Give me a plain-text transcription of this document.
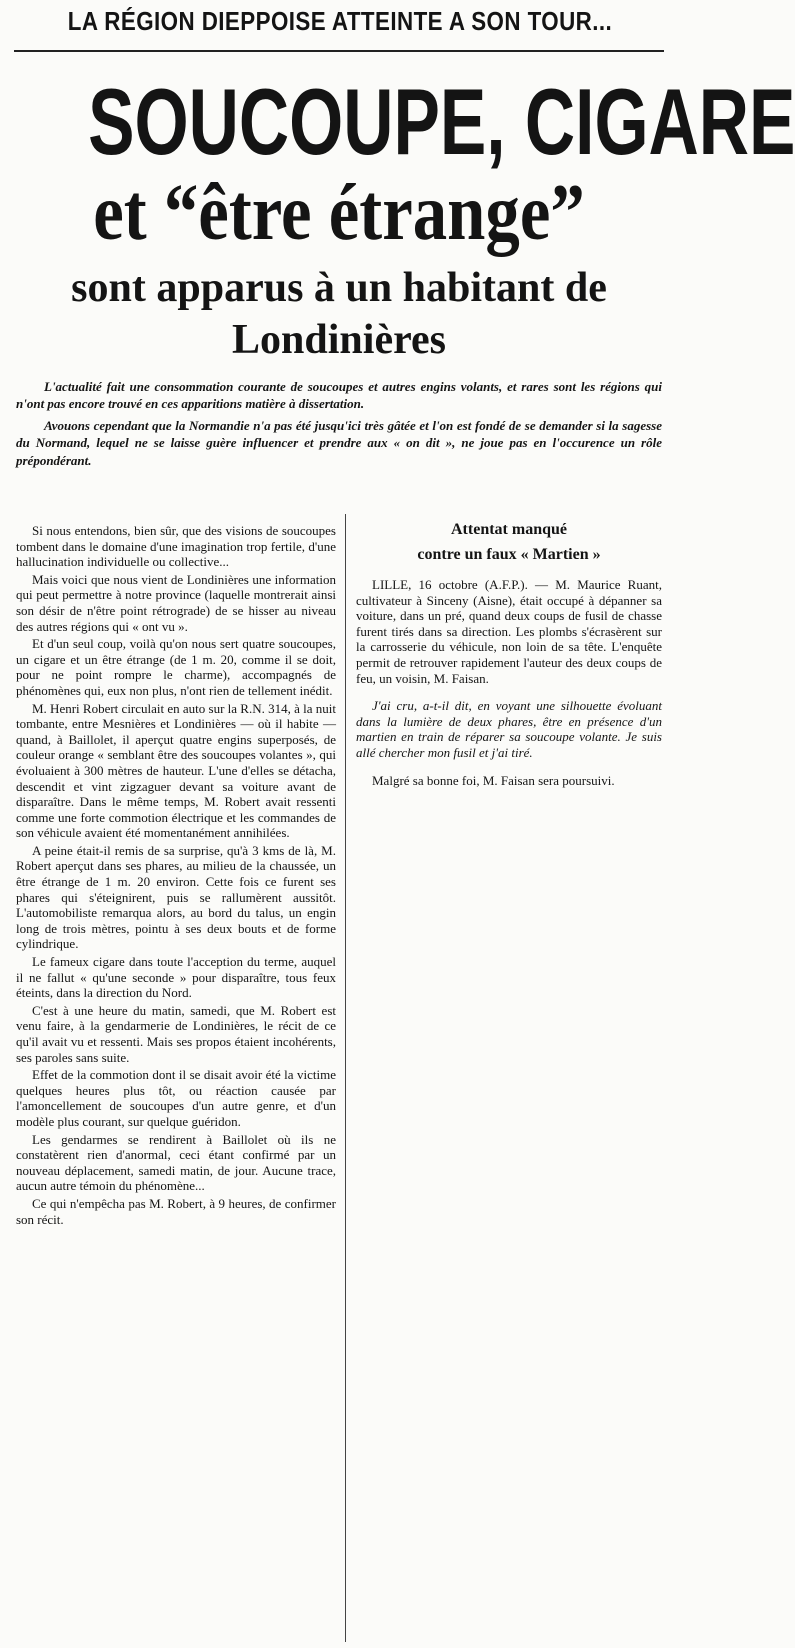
LA RÉGION DIEPPOISE ATTEINTE A SON TOUR...
SOUCOUPE, CIGARE
et “être étrange”
sont apparus à un habitant de Londinières

L'actualité fait une consommation courante de soucoupes et autres engins volants, et rares sont les régions qui n'ont pas encore trouvé en ces apparitions matière à dissertation.

Avouons cependant que la Normandie n'a pas été jusqu'ici très gâtée et l'on est fondé de se demander si la sagesse du Normand, lequel ne se laisse guère influencer et prendre aux « on dit », ne joue pas en l'occurence un rôle prépondérant.

Si nous entendons, bien sûr, que des visions de soucoupes tombent dans le domaine d'une imagination trop fertile, d'une hallucination individuelle ou collective...

Mais voici que nous vient de Londinières une information qui peut permettre à notre province (laquelle montrerait ainsi son désir de n'être point rétrograde) de se hisser au niveau des autres régions qui « ont vu ».

Et d'un seul coup, voilà qu'on nous sert quatre soucoupes, un cigare et un être étrange (de 1 m. 20, comme il se doit, pour ne point rompre le charme), accompagnés de phénomènes qui, eux non plus, n'ont rien de tellement inédit.

M. Henri Robert circulait en auto sur la R.N. 314, à la nuit tombante, entre Mesnières et Londinières — où il habite — quand, à Baillolet, il aperçut quatre engins superposés, de couleur orange « semblant être des soucoupes volantes », qui évoluaient à 300 mètres de hauteur. L'une d'elles se détacha, descendit et vint zigzaguer devant sa voiture avant de disparaître. Dans le même temps, M. Robert avait ressenti comme une forte commotion électrique et les commandes de son véhicule avaient été momentanément annihilées.

A peine était-il remis de sa surprise, qu'à 3 kms de là, M. Robert aperçut dans ses phares, au milieu de la chaussée, un être étrange de 1 m. 20 environ. Cette fois ce furent ses phares qui s'éteignirent, puis se rallumèrent aussitôt. L'automobiliste remarqua alors, au bord du talus, un engin long de trois mètres, pointu à ses deux bouts et de forme cylindrique.

Le fameux cigare dans toute l'acception du terme, auquel il ne fallut « qu'une seconde » pour disparaître, tous feux éteints, dans la direction du Nord.

C'est à une heure du matin, samedi, que M. Robert est venu faire, à la gendarmerie de Londinières, le récit de ce qu'il avait vu et ressenti. Mais ses propos étaient incohérents, ses paroles sans suite.

Effet de la commotion dont il se disait avoir été la victime quelques heures plus tôt, ou réaction causée par l'amoncellement de soucoupes d'un autre genre, et d'un modèle plus courant, sur quelque guéridon.

Les gendarmes se rendirent à Baillolet où ils ne constatèrent rien d'anormal, ceci étant confirmé par un nouveau déplacement, samedi matin, de jour. Aucune trace, aucun autre témoin du phénomène...

Ce qui n'empêcha pas M. Robert, à 9 heures, de confirmer son récit.

Attentat manqué
contre un faux « Martien »

LILLE, 16 octobre (A.F.P.). — M. Maurice Ruant, cultivateur à Sinceny (Aisne), était occupé à dépanner sa voiture, dans un pré, quand deux coups de fusil de chasse furent tirés dans sa direction. Les plombs s'écrasèrent sur la carrosserie du véhicule, non loin de sa tête. L'enquête permit de retrouver rapidement l'auteur des deux coups de feu, un voisin, M. Faisan.

J'ai cru, a-t-il dit, en voyant une silhouette évoluant dans la lumière de deux phares, être en présence d'un martien en train de réparer sa soucoupe volante. Je suis allé chercher mon fusil et j'ai tiré.

Malgré sa bonne foi, M. Faisan sera poursuivi.
